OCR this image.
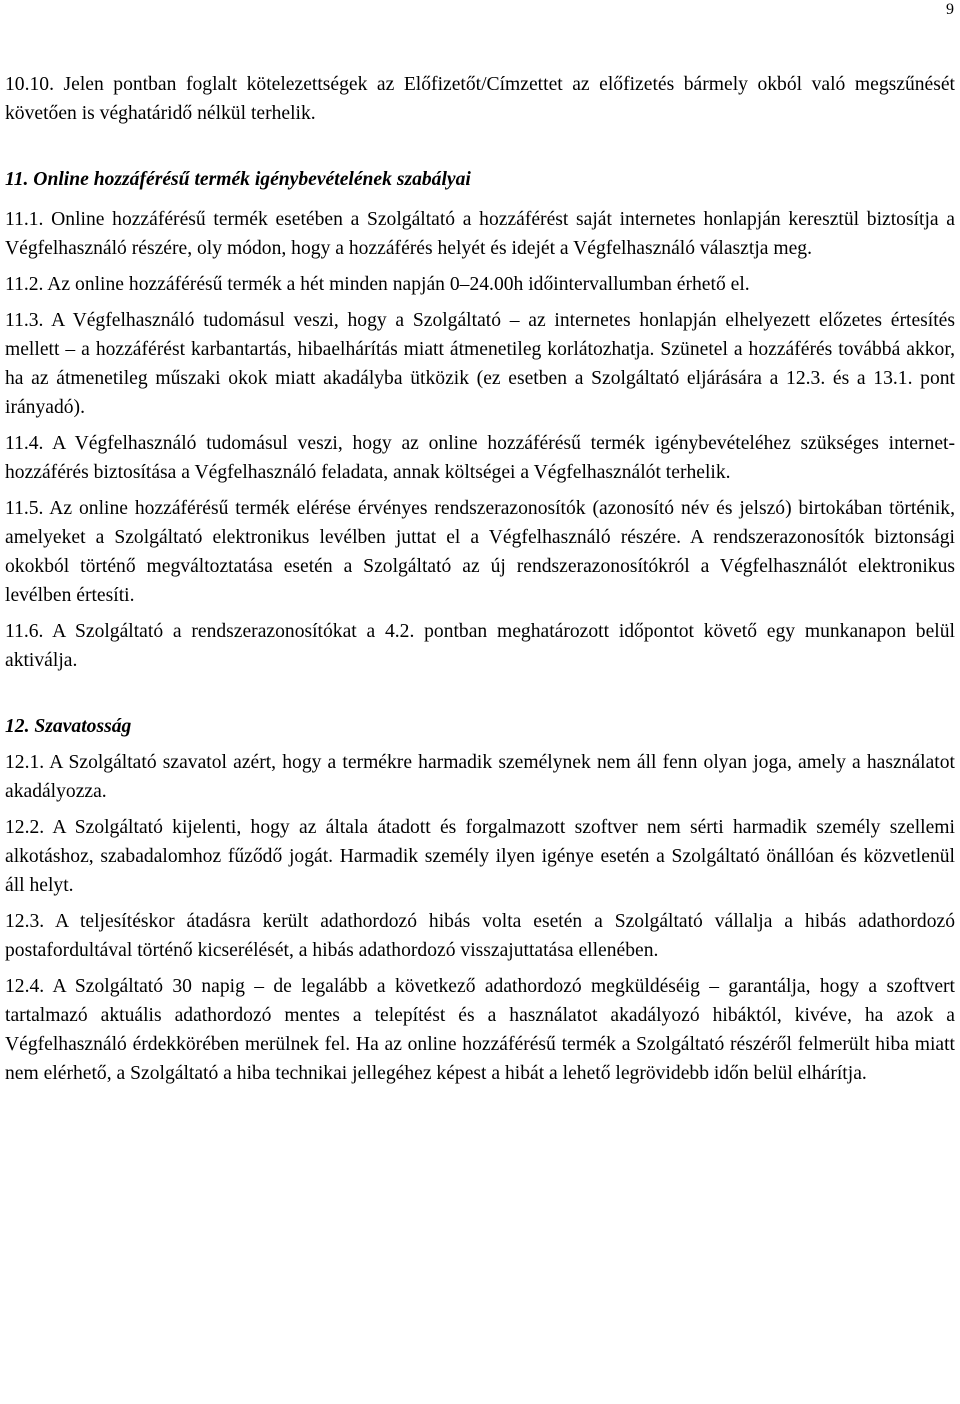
9

10.10. Jelen pontban foglalt kötelezettségek az Előfizetőt/Címzettet az előfizetés bármely okból való megszűnését követően is véghatáridő nélkül terhelik.

11. Online hozzáférésű termék igénybevételének szabályai

11.1. Online hozzáférésű termék esetében a Szolgáltató a hozzáférést saját internetes honlapján keresztül biztosítja a Végfelhasználó részére, oly módon, hogy a hozzáférés helyét és idejét a Végfelhasználó választja meg.

11.2. Az online hozzáférésű termék a hét minden napján 0–24.00h időintervallumban érhető el.

11.3. A Végfelhasználó tudomásul veszi, hogy a Szolgáltató – az internetes honlapján elhelyezett előzetes értesítés mellett – a hozzáférést karbantartás, hibaelhárítás miatt átmenetileg korlátozhatja. Szünetel a hozzáférés továbbá akkor, ha az átmenetileg műszaki okok miatt akadályba ütközik (ez esetben a Szolgáltató eljárására a 12.3. és a 13.1. pont irányadó).

11.4. A Végfelhasználó tudomásul veszi, hogy az online hozzáférésű termék igénybevételéhez szükséges internet-hozzáférés biztosítása a Végfelhasználó feladata, annak költségei a Végfelhasználót terhelik.

11.5. Az online hozzáférésű termék elérése érvényes rendszerazonosítók (azonosító név és jelszó) birtokában történik, amelyeket a Szolgáltató elektronikus levélben juttat el a Végfelhasználó részére. A rendszerazonosítók biztonsági okokból történő megváltoztatása esetén a Szolgáltató az új rendszerazonosítókról a Végfelhasználót elektronikus levélben értesíti.

11.6. A Szolgáltató a rendszerazonosítókat a 4.2. pontban meghatározott időpontot követő egy munkanapon belül aktiválja.

12. Szavatosság

12.1. A Szolgáltató szavatol azért, hogy a termékre harmadik személynek nem áll fenn olyan joga, amely a használatot akadályozza.

12.2. A Szolgáltató kijelenti, hogy az általa átadott és forgalmazott szoftver nem sérti harmadik személy szellemi alkotáshoz, szabadalomhoz fűződő jogát. Harmadik személy ilyen igénye esetén a Szolgáltató önállóan és közvetlenül áll helyt.

12.3. A teljesítéskor átadásra került adathordozó hibás volta esetén a Szolgáltató vállalja a hibás adathordozó postafordultával történő kicserélését, a hibás adathordozó visszajuttatása ellenében.

12.4. A Szolgáltató 30 napig – de legalább a következő adathordozó megküldéséig – garantálja, hogy a szoftvert tartalmazó aktuális adathordozó mentes a telepítést és a használatot akadályozó hibáktól, kivéve, ha azok a Végfelhasználó érdekkörében merülnek fel. Ha az online hozzáférésű termék a Szolgáltató részéről felmerült hiba miatt nem elérhető, a Szolgáltató a hiba technikai jellegéhez képest a hibát a lehető legrövidebb időn belül elhárítja.
